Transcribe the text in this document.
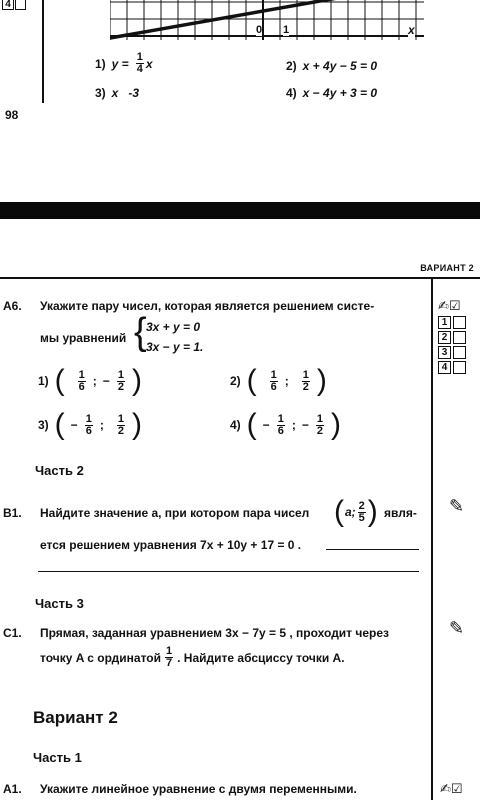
4
0 1	x
1) $y = \frac{1}{4}$ x	2) x + 4y − 5 = 0
3) x   -3	4) x − 4y + 3 = 0
98
ВАРИАНТ 2
А6. Укажите пару чисел, которая является решением систе-
мы уравнений { 3x + y = 0
3x − y = 1.
✍☑
1
2
3
4
1) ( $\frac{1}{6}$ ; − $\frac{1}{2}$ )	2) ( $\frac{1}{6}$ ; $\frac{1}{2}$ )
3) ( − $\frac{1}{6}$ ; $\frac{1}{2}$ )	4) ( − $\frac{1}{6}$ ; − $\frac{1}{2}$ )
Часть 2
В1. Найдите значение a, при котором пара чисел ( a; $\frac{2}{5}$ ) явля-
ется решением уравнения 7x + 10y + 17 = 0 .
✎
Часть 3
С1. Прямая, заданная уравнением 3x − 7y = 5 , проходит через
точку A с ординатой $\frac{1}{7}$ . Найдите абсциссу точки A.
✎
Вариант 2
Часть 1
А1. Укажите линейное уравнение с двумя переменными.	✍☑
